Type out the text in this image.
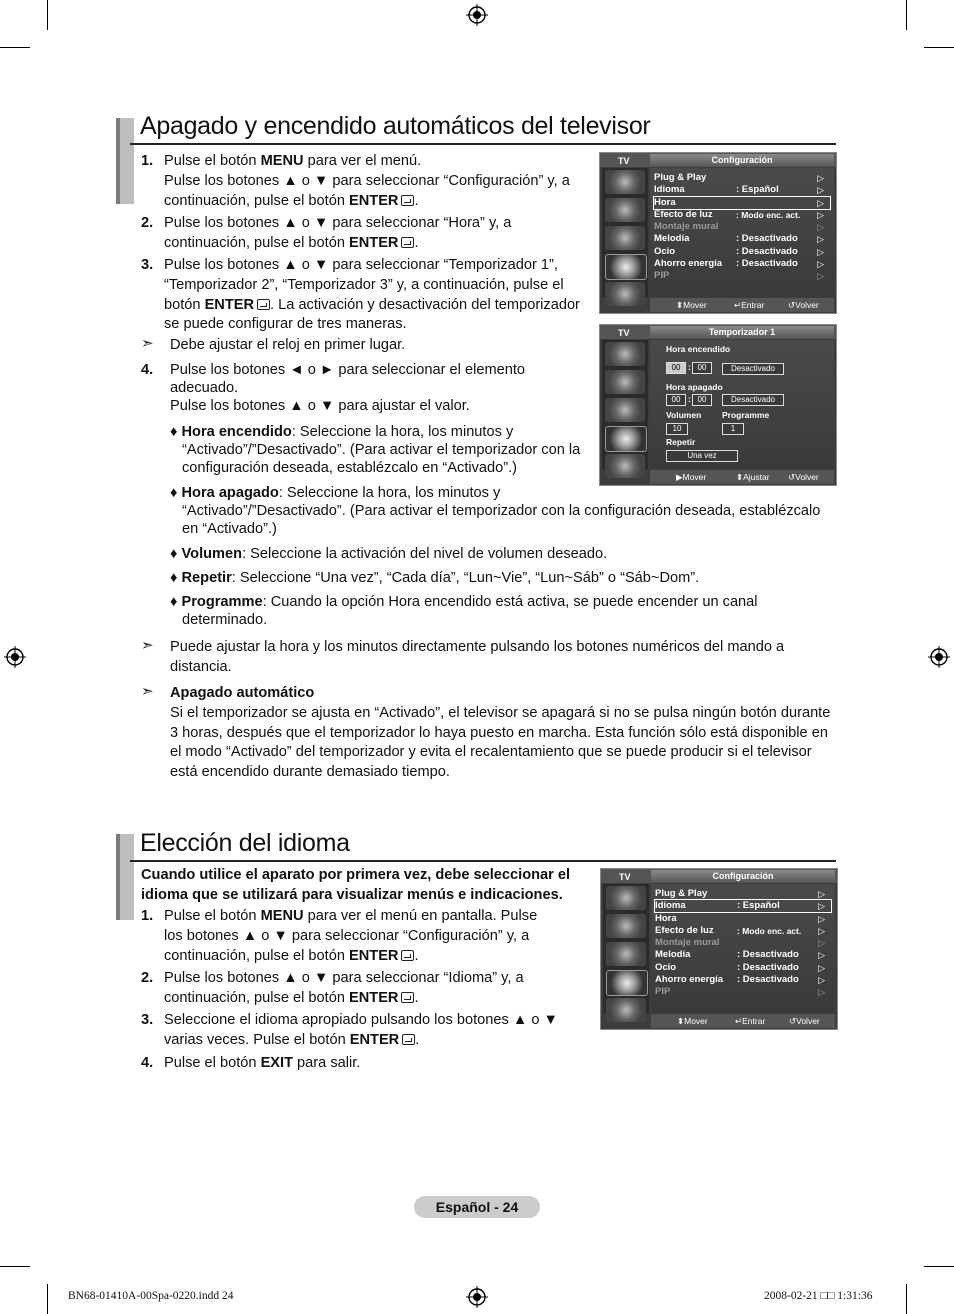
Apagado y encendido automáticos del televisor
1. Pulse el botón MENU para ver el menú.
Pulse los botones ▲ o ▼ para seleccionar “Configuración” y, a
continuación, pulse el botón ENTER .
2. Pulse los botones ▲ o ▼ para seleccionar “Hora” y, a
continuación, pulse el botón ENTER .
3. Pulse los botones ▲ o ▼ para seleccionar “Temporizador 1”,
“Temporizador 2”, “Temporizador 3” y, a continuación, pulse el
botón ENTER . La activación y desactivación del temporizador
se puede configurar de tres maneras.
➣ Debe ajustar el reloj en primer lugar.
4. Pulse los botones ◄ o ► para seleccionar el elemento
adecuado.
Pulse los botones ▲ o ▼ para ajustar el valor.
♦ Hora encendido: Seleccione la hora, los minutos y
“Activado”/”Desactivado”. (Para activar el temporizador con la
configuración deseada, establézcalo en “Activado”.)
♦ Hora apagado: Seleccione la hora, los minutos y
“Activado”/”Desactivado”. (Para activar el temporizador con la configuración deseada, establézcalo
en “Activado”.)
♦ Volumen: Seleccione la activación del nivel de volumen deseado.
♦ Repetir: Seleccione “Una vez”, “Cada día”, “Lun~Vie”, “Lun~Sáb” o “Sáb~Dom”.
♦ Programme: Cuando la opción Hora encendido está activa, se puede encender un canal
determinado.
➣ Puede ajustar la hora y los minutos directamente pulsando los botones numéricos del mando a
distancia.
➣ Apagado automático
Si el temporizador se ajusta en “Activado”, el televisor se apagará si no se pulsa ningún botón durante
3 horas, después que el temporizador lo haya puesto en marcha. Esta función sólo está disponible en
el modo “Activado” del temporizador y evita el recalentamiento que se puede producir si el televisor
está encendido durante demasiado tiempo.
TV	Configuración
Plug & Play	▷
Idioma	: Español	▷
Hora	▷
Efecto de luz	: Modo enc. act. ▷
Montaje mural	▷
Melodía	: Desactivado ▷
Ocio	: Desactivado ▷
Ahorro energía : Desactivado ▷
PIP	▷
⬍ Mover	↵ Entrar	↺ Volver
TV	Temporizador 1
Hora encendido
00 : 00	Desactivado
Hora apagado
00 : 00	Desactivado
Volumen Programme
10	1
Repetir
Una vez
▶ Mover	⬍ Ajustar ↺ Volver
Elección del idioma
Cuando utilice el aparato por primera vez, debe seleccionar el
idioma que se utilizará para visualizar menús e indicaciones.
1. Pulse el botón MENU para ver el menú en pantalla. Pulse
los botones ▲ o ▼ para seleccionar “Configuración” y, a
continuación, pulse el botón ENTER .
2. Pulse los botones ▲ o ▼ para seleccionar “Idioma” y, a
continuación, pulse el botón ENTER .
3. Seleccione el idioma apropiado pulsando los botones ▲ o ▼
varias veces. Pulse el botón ENTER .
4. Pulse el botón EXIT para salir.
TV	Configuración
Plug & Play	▷
Idioma	: Español	▷
Hora	▷
Efecto de luz	: Modo enc. act. ▷
Montaje mural	▷
Melodía	: Desactivado ▷
Ocio	: Desactivado ▷
Ahorro energía : Desactivado ▷
PIP	▷
⬍ Mover	↵ Entrar	↺ Volver
Español - 24
BN68-01410A-00Spa-0220.indd 24	2008-02-21 □□ 1:31:36
